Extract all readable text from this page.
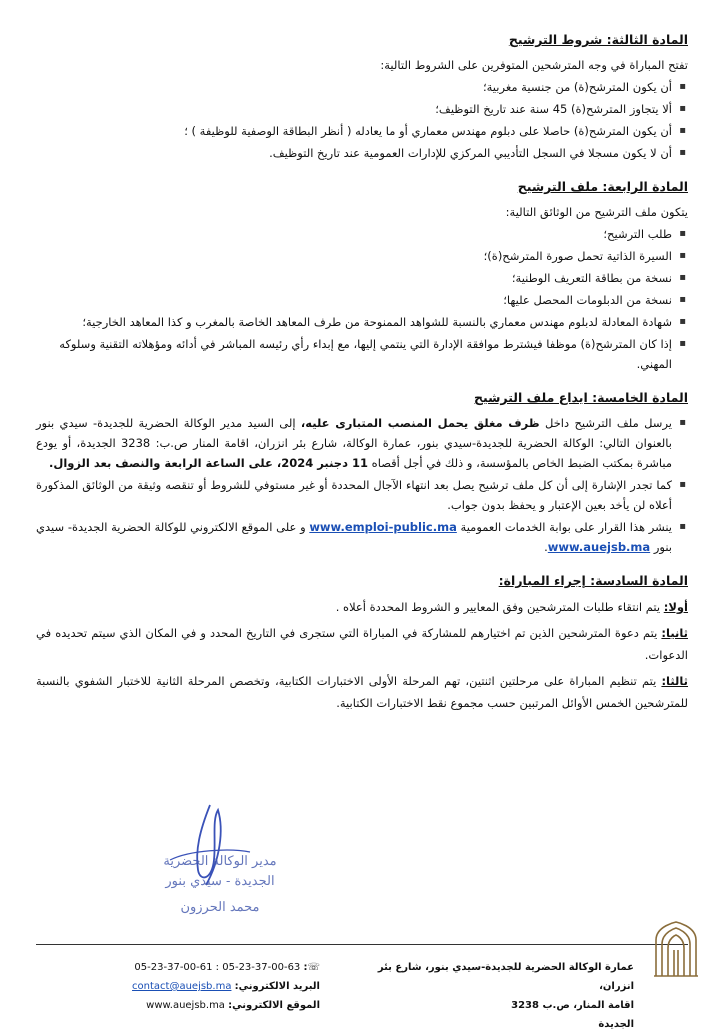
المادة الثالثة: شروط الترشيح
تفتح المباراة في وجه المترشحين المتوفرين على الشروط التالية:
▪ أن يكون المترشح(ة) من جنسية مغربية؛
▪ ألا يتجاوز المترشح(ة) 45 سنة عند تاريخ التوظيف؛
▪ أن يكون المترشح(ة) حاصلا على دبلوم مهندس معماري أو ما يعادله ( أنظر البطاقة الوصفية للوظيفة ) ؛
▪ أن لا يكون مسجلا في السجل التأديبي المركزي للإدارات العمومية عند تاريخ التوظيف.
المادة الرابعة: ملف الترشيح
يتكون ملف الترشيح من الوثائق التالية:
▪ طلب الترشيح؛
▪ السيرة الذاتية تحمل صورة المترشح(ة)؛
▪ نسخة من بطاقة التعريف الوطنية؛
▪ نسخة من الدبلومات المحصل عليها؛
▪ شهادة المعادلة لدبلوم مهندس معماري بالنسبة للشواهد الممنوحة من طرف المعاهد الخاصة بالمغرب و كذا المعاهد الخارجية؛
▪ إذا كان المترشح(ة) موظفا فيشترط موافقة الإدارة التي ينتمي إليها، مع إبداء رأي رئيسه المباشر في أدائه ومؤهلاته التقنية وسلوكه المهني.
المادة الخامسة: ايداع ملف الترشيح
▪ يرسل ملف الترشيح داخل ظرف مغلق يحمل المنصب المتبارى عليه، إلى السيد مدير الوكالة الحضرية للجديدة- سيدي بنور بالعنوان التالي: الوكالة الحضرية للجديدة-سيدي بنور، عمارة الوكالة، شارع بئر انزران، اقامة المنار ص.ب: 3238 الجديدة، أو يودع مباشرة بمكتب الضبط الخاص بالمؤسسة، و ذلك في أجل أقصاه 11 دجنبر 2024، على الساعة الرابعة والنصف بعد الزوال.
▪ كما تجدر الإشارة إلى أن كل ملف ترشيح يصل بعد انتهاء الآجال المحددة أو غير مستوفي للشروط أو تنقصه وثيقة من الوثائق المذكورة أعلاه لن يأخد بعين الإعتبار و يحفظ بدون جواب.
▪ ينشر هذا القرار على بوابة الخدمات العمومية www.emploi-public.ma و على الموقع الالكتروني للوكالة الحضرية الجديدة- سيدي بنور www.auejsb.ma.
المادة السادسة: إجراء المباراة:
أولا: يتم انتقاء طلبات المترشحين وفق المعايير و الشروط المحددة أعلاه .
ثانيا: يتم دعوة المترشحين الذين تم اختيارهم للمشاركة في المباراة التي ستجرى في التاريخ المحدد و في المكان الذي سيتم تحديده في الدعوات.
ثالثا: يتم تنظيم المباراة على مرحلتين اثنتين، تهم المرحلة الأولى الاختبارات الكتابية، وتخصص المرحلة الثانية للاختبار الشفوي بالنسبة للمترشحين الخمس الأوائل المرتبين حسب مجموع نقط الاختبارات الكتابية.
مدير الوكالة الحضرية
الجديدة - سيدي بنور
محمد الحرزون
عمارة الوكالة الحضرية للجديدة-سيدي بنور، شارع بئر انزران،
اقامة المنار، ص.ب 3238
الجديدة
☏: 05-23-37-00-61 : 05-23-37-00-63
البريد الالكتروني: contact@auejsb.ma
الموقع الالكتروني: www.auejsb.ma
